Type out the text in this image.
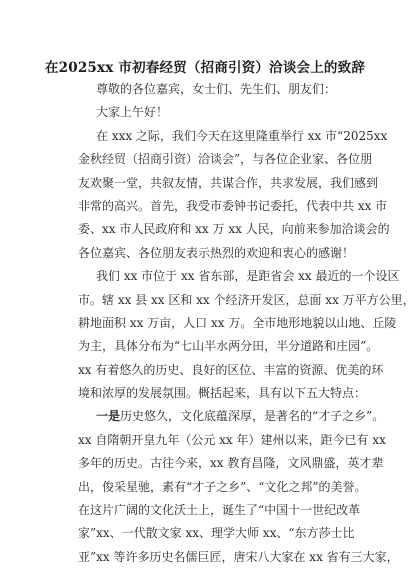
在2025xx 市初春经贸（招商引资）洽谈会上的致辞
尊敬的各位嘉宾，女士们、先生们、朋友们：
大家上午好！
在 xxx 之际，我们今天在这里隆重举行 xx 市“2025xx
金秋经贸（招商引资）洽谈会”，与各位企业家、各位朋
友欢聚一堂，共叙友情，共谋合作，共求发展，我们感到
非常的高兴。首先，我受市委钟书记委托，代表中共 xx 市
委、xx 市人民政府和 xx 万 xx 人民，向前来参加洽谈会的
各位嘉宾、各位朋友表示热烈的欢迎和衷心的感谢！
我们 xx 市位于 xx 省东部，是距省会 xx 最近的一个设区
市。辖 xx 县 xx 区和 xx 个经济开发区，总面 xx 万平方公里，
耕地面积 xx 万亩，人口 xx 万。全市地形地貌以山地、丘陵
为主，具体分布为“七山半水两分田，半分道路和庄园”。
xx 有着悠久的历史、良好的区位、丰富的资源、优美的环
境和浓厚的发展氛围。概括起来，具有以下五大特点：
一是历史悠久，文化底蕴深厚，是著名的“才子之乡”。
xx 自隋朝开皇九年（公元 xx 年）建州以来，距今已有 xx
多年的历史。古往今来，xx 教育昌隆，文风鼎盛，英才辈
出，俊采星驰，素有“才子之乡”、“文化之邦”的美誉。
在这片广阔的文化沃土上，诞生了“中国十一世纪改革
家”xx、一代散文家 xx、理学大师 xx、“东方莎士比
亚”xx 等许多历史名儒巨匠，唐宋八大家在 xx 省有三大家，
